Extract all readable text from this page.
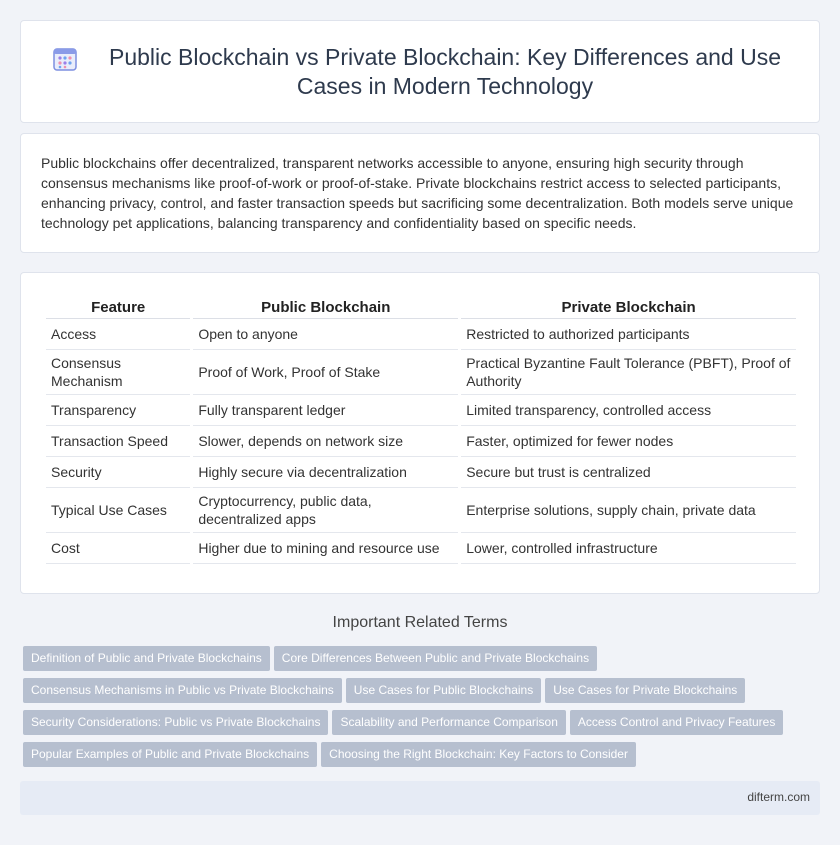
Public Blockchain vs Private Blockchain: Key Differences and Use Cases in Modern Technology

Public blockchains offer decentralized, transparent networks accessible to anyone, ensuring high security through consensus mechanisms like proof-of-work or proof-of-stake. Private blockchains restrict access to selected participants, enhancing privacy, control, and faster transaction speeds but sacrificing some decentralization. Both models serve unique technology pet applications, balancing transparency and confidentiality based on specific needs.

Feature	Public Blockchain	Private Blockchain
Access	Open to anyone	Restricted to authorized participants
Consensus Mechanism	Proof of Work, Proof of Stake	Practical Byzantine Fault Tolerance (PBFT), Proof of Authority
Transparency	Fully transparent ledger	Limited transparency, controlled access
Transaction Speed	Slower, depends on network size	Faster, optimized for fewer nodes
Security	Highly secure via decentralization	Secure but trust is centralized
Typical Use Cases	Cryptocurrency, public data, decentralized apps	Enterprise solutions, supply chain, private data
Cost	Higher due to mining and resource use	Lower, controlled infrastructure
Important Related Terms
Definition of Public and Private Blockchains Core Differences Between Public and Private Blockchains
Consensus Mechanisms in Public vs Private Blockchains Use Cases for Public Blockchains Use Cases for Private Blockchains
Security Considerations: Public vs Private Blockchains Scalability and Performance Comparison Access Control and Privacy Features
Popular Examples of Public and Private Blockchains Choosing the Right Blockchain: Key Factors to Consider
difterm.com
